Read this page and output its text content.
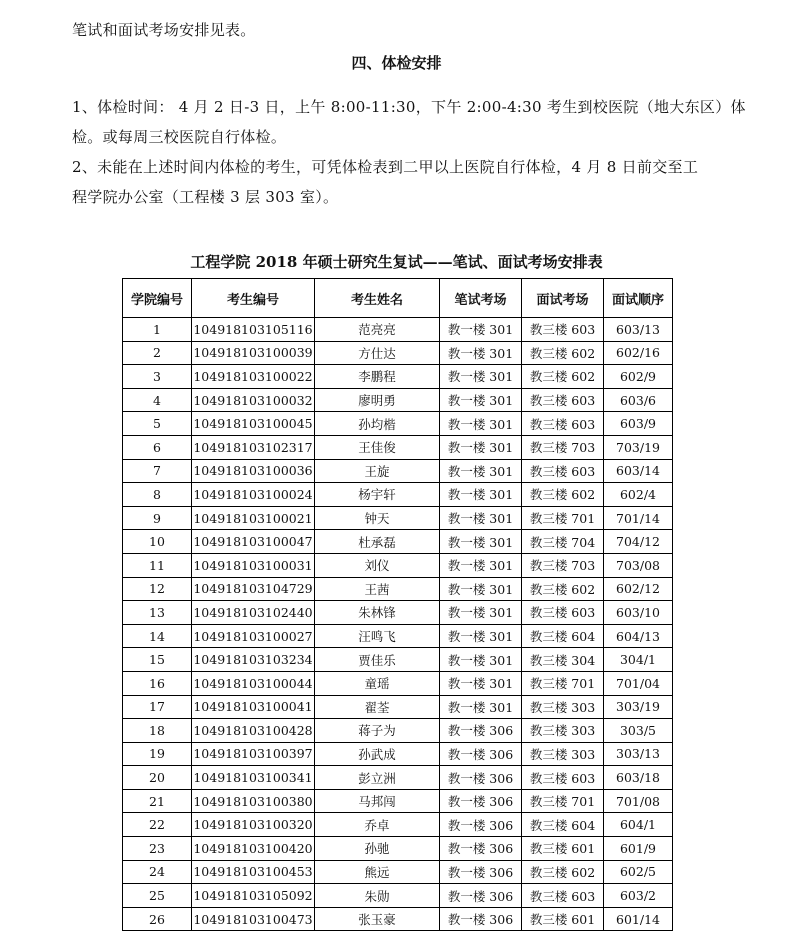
笔试和面试考场安排见表。
四、体检安排
1、体检时间： 4 月 2 日-3 日，上午 8:00-11:30，下午 2:00-4:30 考生到校医院（地大东区）体
检。或每周三校医院自行体检。
2、未能在上述时间内体检的考生，可凭体检表到二甲以上医院自行体检，4 月 8 日前交至工
程学院办公室（工程楼 3 层 303 室）。
工程学院 2018 年硕士研究生复试——笔试、面试考场安排表
学院编号	考生编号	考生姓名	笔试考场	面试考场	面试顺序
1	104918103105116	范亮亮	教一楼 301	教三楼 603	603/13
2	104918103100039	方仕达	教一楼 301	教三楼 602	602/16
3	104918103100022	李鹏程	教一楼 301	教三楼 602	602/9
4	104918103100032	廖明勇	教一楼 301	教三楼 603	603/6
5	104918103100045	孙均楷	教一楼 301	教三楼 603	603/9
6	104918103102317	王佳俊	教一楼 301	教三楼 703	703/19
7	104918103100036	王旋	教一楼 301	教三楼 603	603/14
8	104918103100024	杨宇轩	教一楼 301	教三楼 602	602/4
9	104918103100021	钟天	教一楼 301	教三楼 701	701/14
10	104918103100047	杜承磊	教一楼 301	教三楼 704	704/12
11	104918103100031	刘仪	教一楼 301	教三楼 703	703/08
12	104918103104729	王茜	教一楼 301	教三楼 602	602/12
13	104918103102440	朱林锋	教一楼 301	教三楼 603	603/10
14	104918103100027	汪鸣飞	教一楼 301	教三楼 604	604/13
15	104918103103234	贾佳乐	教一楼 301	教三楼 304	304/1
16	104918103100044	童瑶	教一楼 301	教三楼 701	701/04
17	104918103100041	翟荃	教一楼 301	教三楼 303	303/19
18	104918103100428	蒋子为	教一楼 306	教三楼 303	303/5
19	104918103100397	孙武成	教一楼 306	教三楼 303	303/13
20	104918103100341	彭立洲	教一楼 306	教三楼 603	603/18
21	104918103100380	马邦闯	教一楼 306	教三楼 701	701/08
22	104918103100320	乔卓	教一楼 306	教三楼 604	604/1
23	104918103100420	孙驰	教一楼 306	教三楼 601	601/9
24	104918103100453	熊远	教一楼 306	教三楼 602	602/5
25	104918103105092	朱勋	教一楼 306	教三楼 603	603/2
26	104918103100473	张玉豪	教一楼 306	教三楼 601	601/14
